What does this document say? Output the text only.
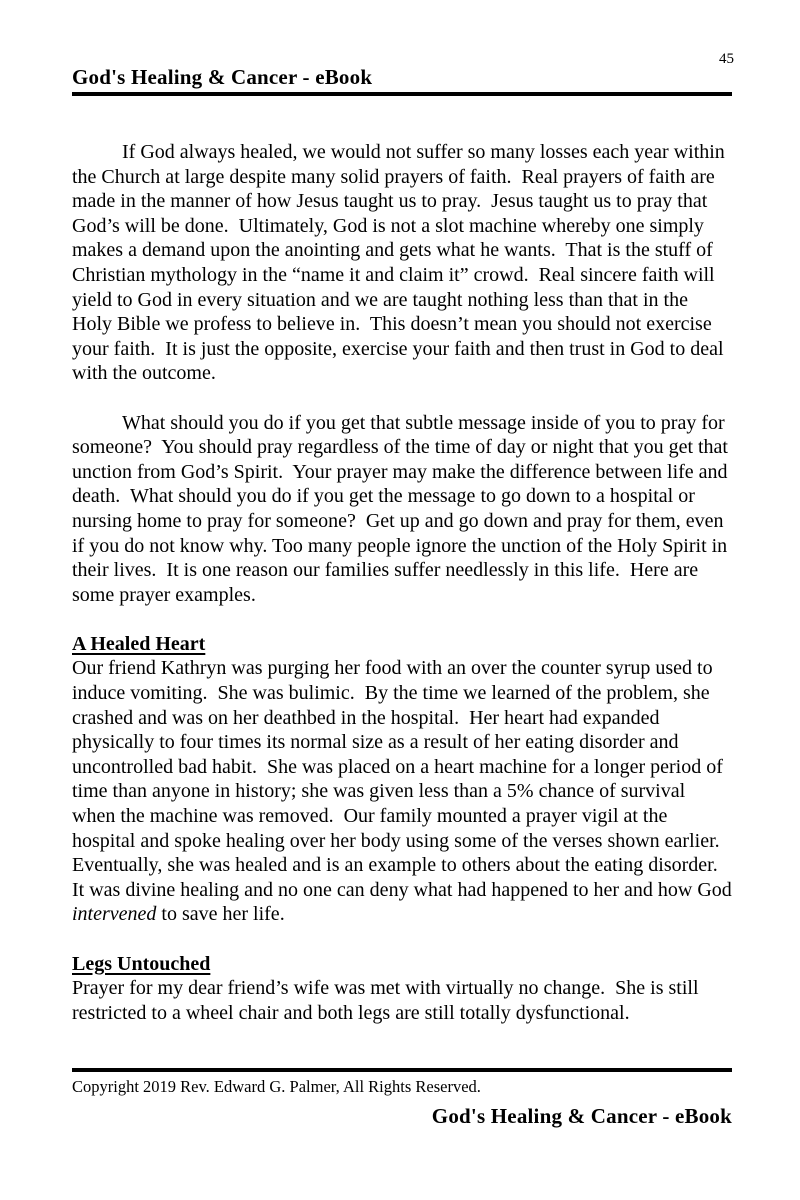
45
God's Healing & Cancer - eBook

If God always healed, we would not suffer so many losses each year within the Church at large despite many solid prayers of faith.  Real prayers of faith are made in the manner of how Jesus taught us to pray.  Jesus taught us to pray that God’s will be done.  Ultimately, God is not a slot machine whereby one simply makes a demand upon the anointing and gets what he wants.  That is the stuff of Christian mythology in the “name it and claim it” crowd.  Real sincere faith will yield to God in every situation and we are taught nothing less than that in the Holy Bible we profess to believe in.  This doesn’t mean you should not exercise your faith.  It is just the opposite, exercise your faith and then trust in God to deal with the outcome.

What should you do if you get that subtle message inside of you to pray for someone?  You should pray regardless of the time of day or night that you get that unction from God’s Spirit.  Your prayer may make the difference between life and death.  What should you do if you get the message to go down to a hospital or nursing home to pray for someone?  Get up and go down and pray for them, even if you do not know why. Too many people ignore the unction of the Holy Spirit in their lives.  It is one reason our families suffer needlessly in this life.  Here are some prayer examples.

A Healed Heart

Our friend Kathryn was purging her food with an over the counter syrup used to induce vomiting.  She was bulimic.  By the time we learned of the problem, she crashed and was on her deathbed in the hospital.  Her heart had expanded physically to four times its normal size as a result of her eating disorder and uncontrolled bad habit.  She was placed on a heart machine for a longer period of time than anyone in history; she was given less than a 5% chance of survival when the machine was removed.  Our family mounted a prayer vigil at the hospital and spoke healing over her body using some of the verses shown earlier.  Eventually, she was healed and is an example to others about the eating disorder.  It was divine healing and no one can deny what had happened to her and how God intervened to save her life.

Legs Untouched

Prayer for my dear friend’s wife was met with virtually no change.  She is still restricted to a wheel chair and both legs are still totally dysfunctional.

Copyright 2019 Rev. Edward G. Palmer, All Rights Reserved.
God's Healing & Cancer - eBook
